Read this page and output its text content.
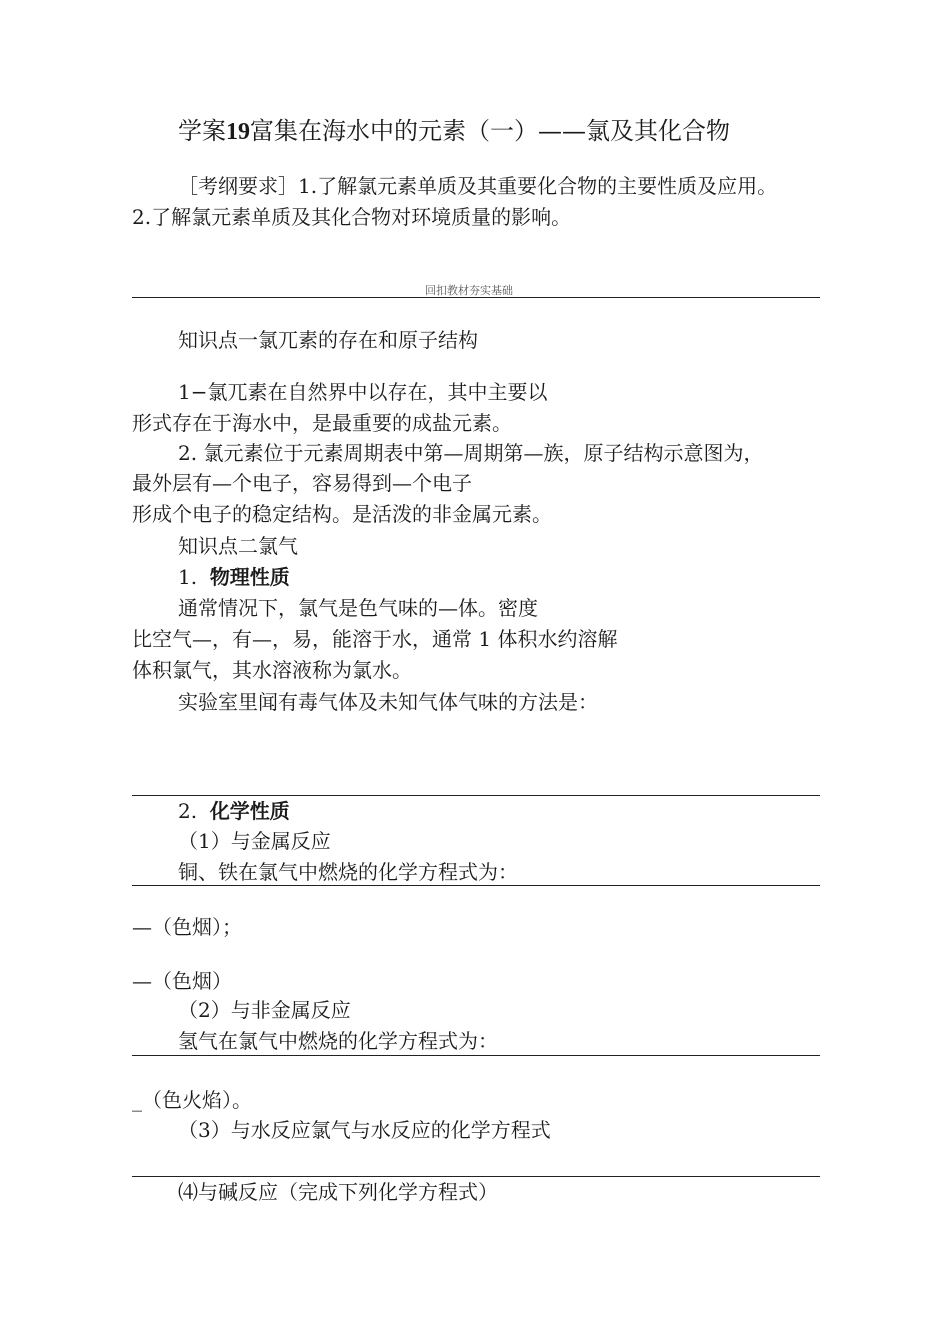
学案19富集在海水中的元素（一）——氯及其化合物
［考纲要求］1.了解氯元素单质及其重要化合物的主要性质及应用。
2.了解氯元素单质及其化合物对环境质量的影响。
回扣教材夯实基础
知识点一氯兀素的存在和原子结构
1−氯兀素在自然界中以存在，其中主要以
形式存在于海水中，是最重要的成盐元素。
2. 氯元素位于元素周期表中第—周期第—族，原子结构示意图为，
最外层有—个电子，容易得到—个电子
形成个电子的稳定结构。是活泼的非金属元素。
知识点二氯气
1. 物理性质
通常情况下，氯气是色气味的—体。密度
比空气—，有—，易，能溶于水，通常 1 体积水约溶解
体积氯气，其水溶液称为氯水。
实验室里闻有毒气体及未知气体气味的方法是：
2. 化学性质
（1）与金属反应
铜、铁在氯气中燃烧的化学方程式为：
—（色烟）；
—（色烟）
（2）与非金属反应
氢气在氯气中燃烧的化学方程式为：
_（色火焰）。
（3）与水反应氯气与水反应的化学方程式
⑷与碱反应（完成下列化学方程式）
